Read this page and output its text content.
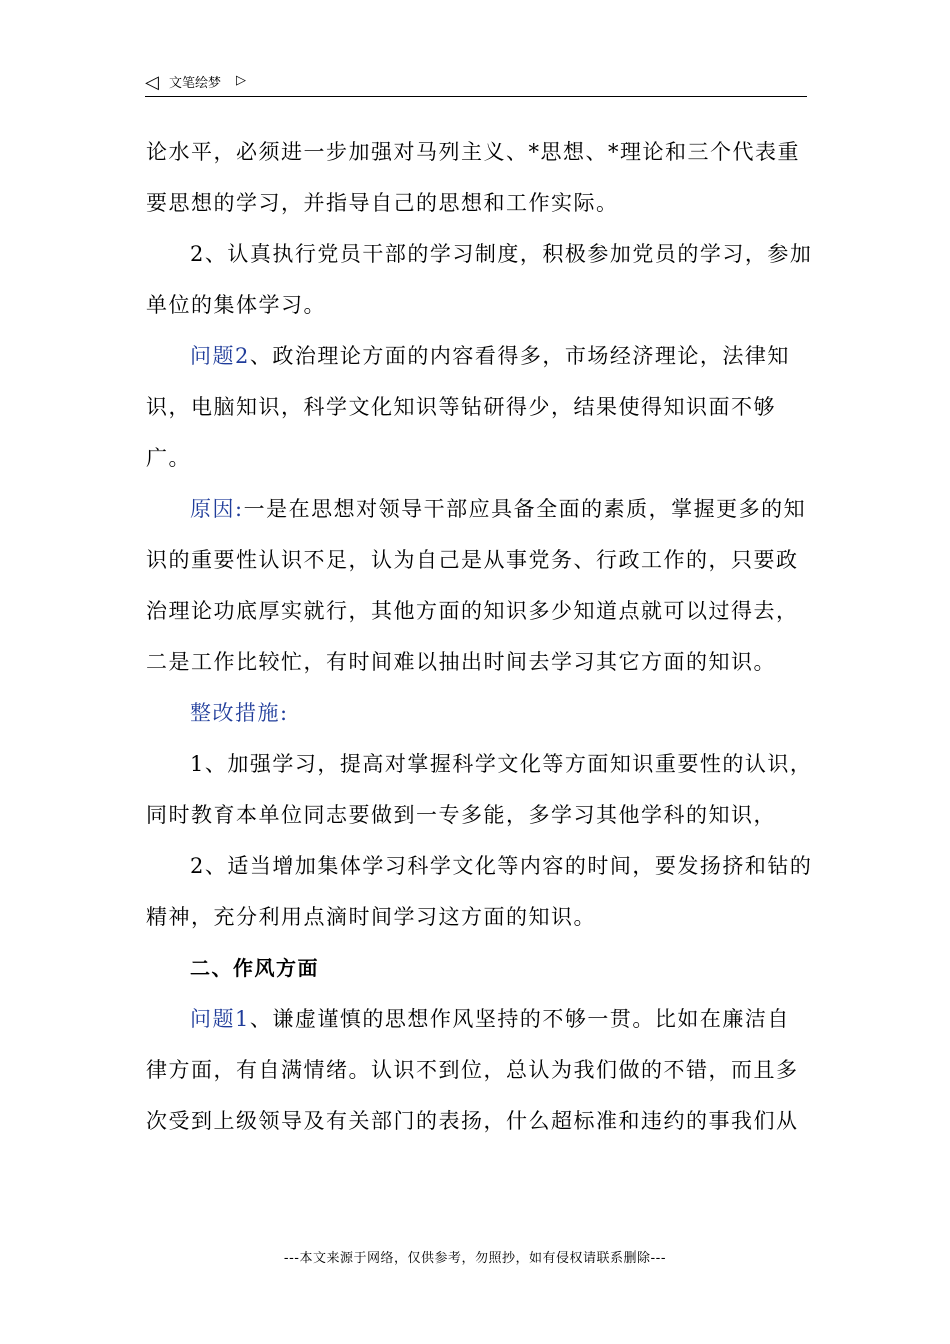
◁ 文笔绘梦 ▷

论水平，必须进一步加强对马列主义、*思想、*理论和三个代表重

要思想的学习，并指导自己的思想和工作实际。

2、认真执行党员干部的学习制度，积极参加党员的学习，参加

单位的集体学习。

问题2、政治理论方面的内容看得多，市场经济理论，法律知

识，电脑知识，科学文化知识等钻研得少，结果使得知识面不够

广。

原因:一是在思想对领导干部应具备全面的素质，掌握更多的知

识的重要性认识不足，认为自己是从事党务、行政工作的，只要政

治理论功底厚实就行，其他方面的知识多少知道点就可以过得去，

二是工作比较忙，有时间难以抽出时间去学习其它方面的知识。

整改措施:

1、加强学习，提高对掌握科学文化等方面知识重要性的认识，

同时教育本单位同志要做到一专多能，多学习其他学科的知识，

2、适当增加集体学习科学文化等内容的时间，要发扬挤和钻的

精神，充分利用点滴时间学习这方面的知识。

二、作风方面

问题1、谦虚谨慎的思想作风坚持的不够一贯。比如在廉洁自

律方面，有自满情绪。认识不到位，总认为我们做的不错，而且多

次受到上级领导及有关部门的表扬，什么超标准和违约的事我们从

---本文来源于网络，仅供参考，勿照抄，如有侵权请联系删除---
